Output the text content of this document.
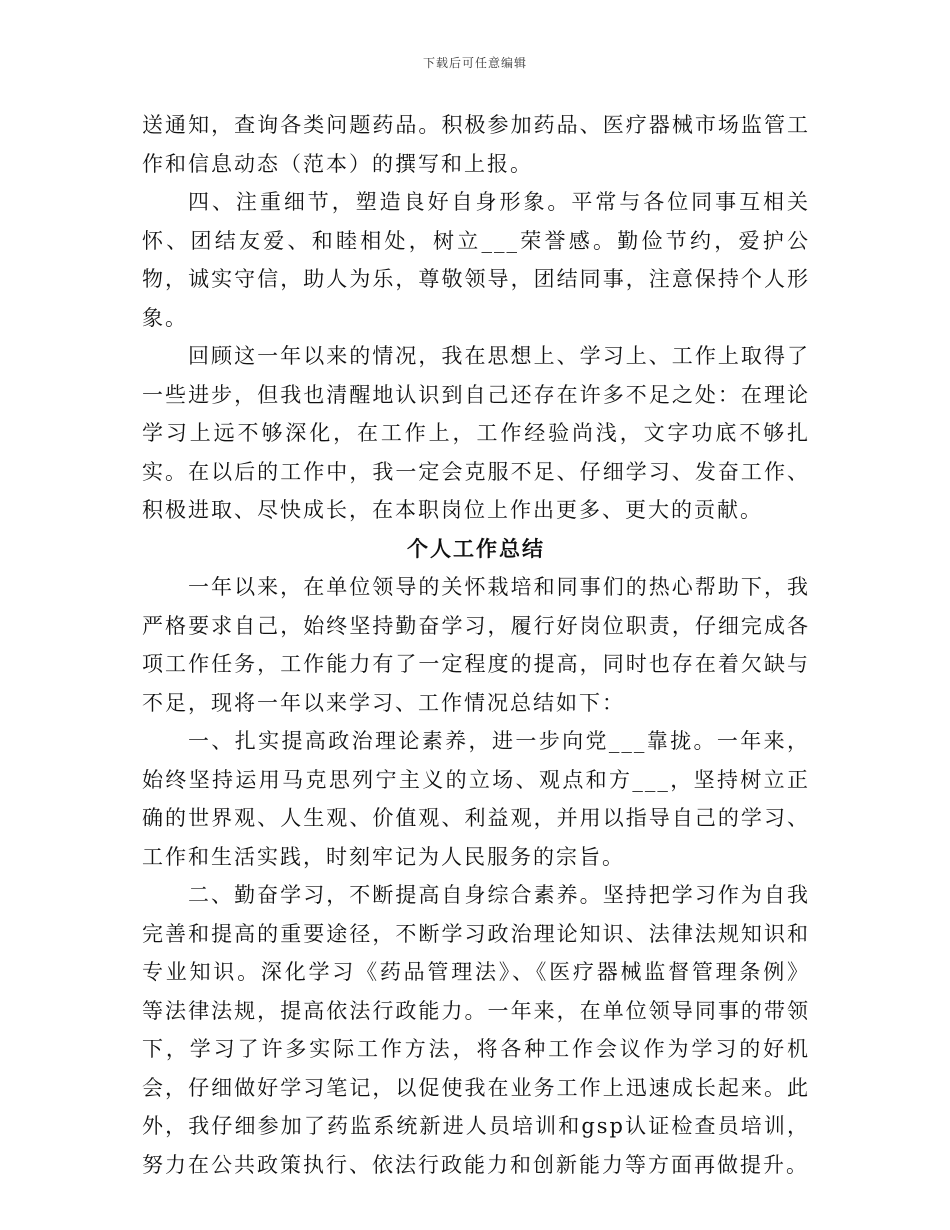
下载后可任意编辑

送通知，查询各类问题药品。积极参加药品、医疗器械市场监管工作和信息动态（范本）的撰写和上报。

四、注重细节，塑造良好自身形象。平常与各位同事互相关怀、团结友爱、和睦相处，树立___荣誉感。勤俭节约，爱护公物，诚实守信，助人为乐，尊敬领导，团结同事，注意保持个人形象。

回顾这一年以来的情况，我在思想上、学习上、工作上取得了一些进步，但我也清醒地认识到自己还存在许多不足之处：在理论学习上远不够深化，在工作上，工作经验尚浅，文字功底不够扎实。在以后的工作中，我一定会克服不足、仔细学习、发奋工作、积极进取、尽快成长，在本职岗位上作出更多、更大的贡献。

个人工作总结

一年以来，在单位领导的关怀栽培和同事们的热心帮助下，我严格要求自己，始终坚持勤奋学习，履行好岗位职责，仔细完成各项工作任务，工作能力有了一定程度的提高，同时也存在着欠缺与不足，现将一年以来学习、工作情况总结如下：

一、扎实提高政治理论素养，进一步向党___靠拢。一年来，始终坚持运用马克思列宁主义的立场、观点和方___，坚持树立正确的世界观、人生观、价值观、利益观，并用以指导自己的学习、工作和生活实践，时刻牢记为人民服务的宗旨。

二、勤奋学习，不断提高自身综合素养。坚持把学习作为自我完善和提高的重要途径，不断学习政治理论知识、法律法规知识和专业知识。深化学习《药品管理法》、《医疗器械监督管理条例》等法律法规，提高依法行政能力。一年来，在单位领导同事的带领下，学习了许多实际工作方法，将各种工作会议作为学习的好机会，仔细做好学习笔记，以促使我在业务工作上迅速成长起来。此外，我仔细参加了药监系统新进人员培训和gsp认证检查员培训，努力在公共政策执行、依法行政能力和创新能力等方面再做提升。
